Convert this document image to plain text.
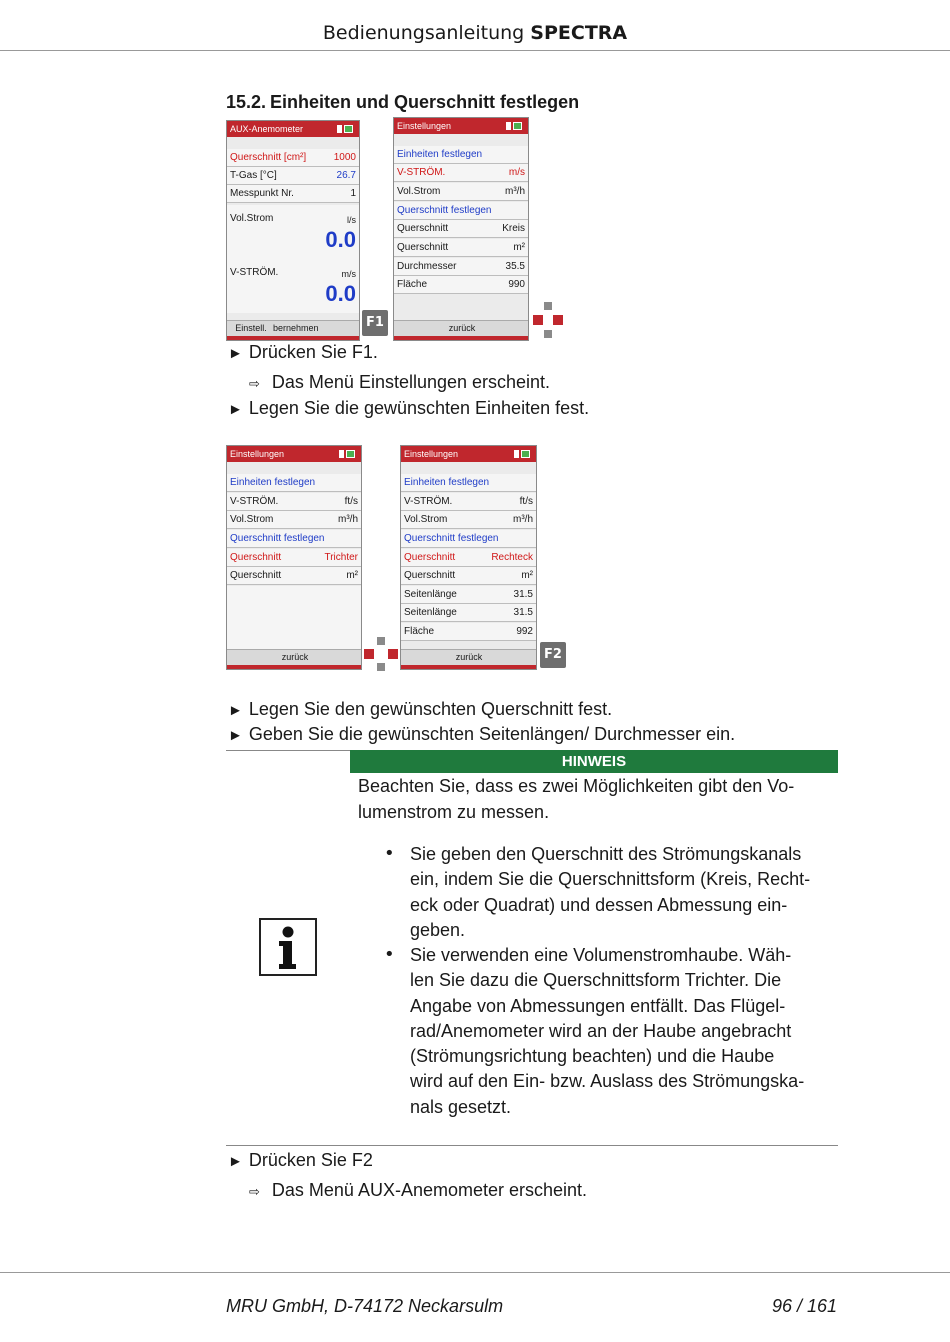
Bedienungsanleitung SPECTRA
15.2. Einheiten und Querschnitt festlegen
AUX-Anemometer
Querschnitt [cm²]	1000
T-Gas [°C]	26.7
Messpunkt Nr.	1
Vol.Strom	l/s
0.0
V-STRÖM.	m/s
0.0
Einstell. bernehmen	F1
Einstellungen
Einheiten festlegen
V-STRÖM.	m/s
Vol.Strom	m³/h
Querschnitt festlegen
Querschnitt	Kreis
Querschnitt	m²
Durchmesser	35.5
Fläche	990
zurück
► Drücken Sie F1.
⇨ Das Menü Einstellungen erscheint.
► Legen Sie die gewünschten Einheiten fest.
Einstellungen
Einheiten festlegen
V-STRÖM.	ft/s
Vol.Strom	m³/h
Querschnitt festlegen
Querschnitt	Trichter
Querschnitt	m²
zurück
Einstellungen
Einheiten festlegen
V-STRÖM.	ft/s
Vol.Strom	m³/h
Querschnitt festlegen
Querschnitt	Rechteck
Querschnitt	m²
Seitenlänge	31.5
Seitenlänge	31.5
Fläche	992
zurück	F2
► Legen Sie den gewünschten Querschnitt fest.
► Geben Sie die gewünschten Seitenlängen/ Durchmesser ein.
HINWEIS
Beachten Sie, dass es zwei Möglichkeiten gibt den Vo-
lumenstrom zu messen.
• Sie geben den Querschnitt des Strömungskanals
ein, indem Sie die Querschnittsform (Kreis, Recht-
eck oder Quadrat) und dessen Abmessung ein-
geben.
• Sie verwenden eine Volumenstromhaube. Wäh-
len Sie dazu die Querschnittsform Trichter. Die
Angabe von Abmessungen entfällt. Das Flügel-
rad/Anemometer wird an der Haube angebracht
(Strömungsrichtung beachten) und die Haube
wird auf den Ein- bzw. Auslass des Strömungska-
nals gesetzt.
► Drücken Sie F2
⇨ Das Menü AUX-Anemometer erscheint.
MRU GmbH, D-74172 Neckarsulm	96 / 161
